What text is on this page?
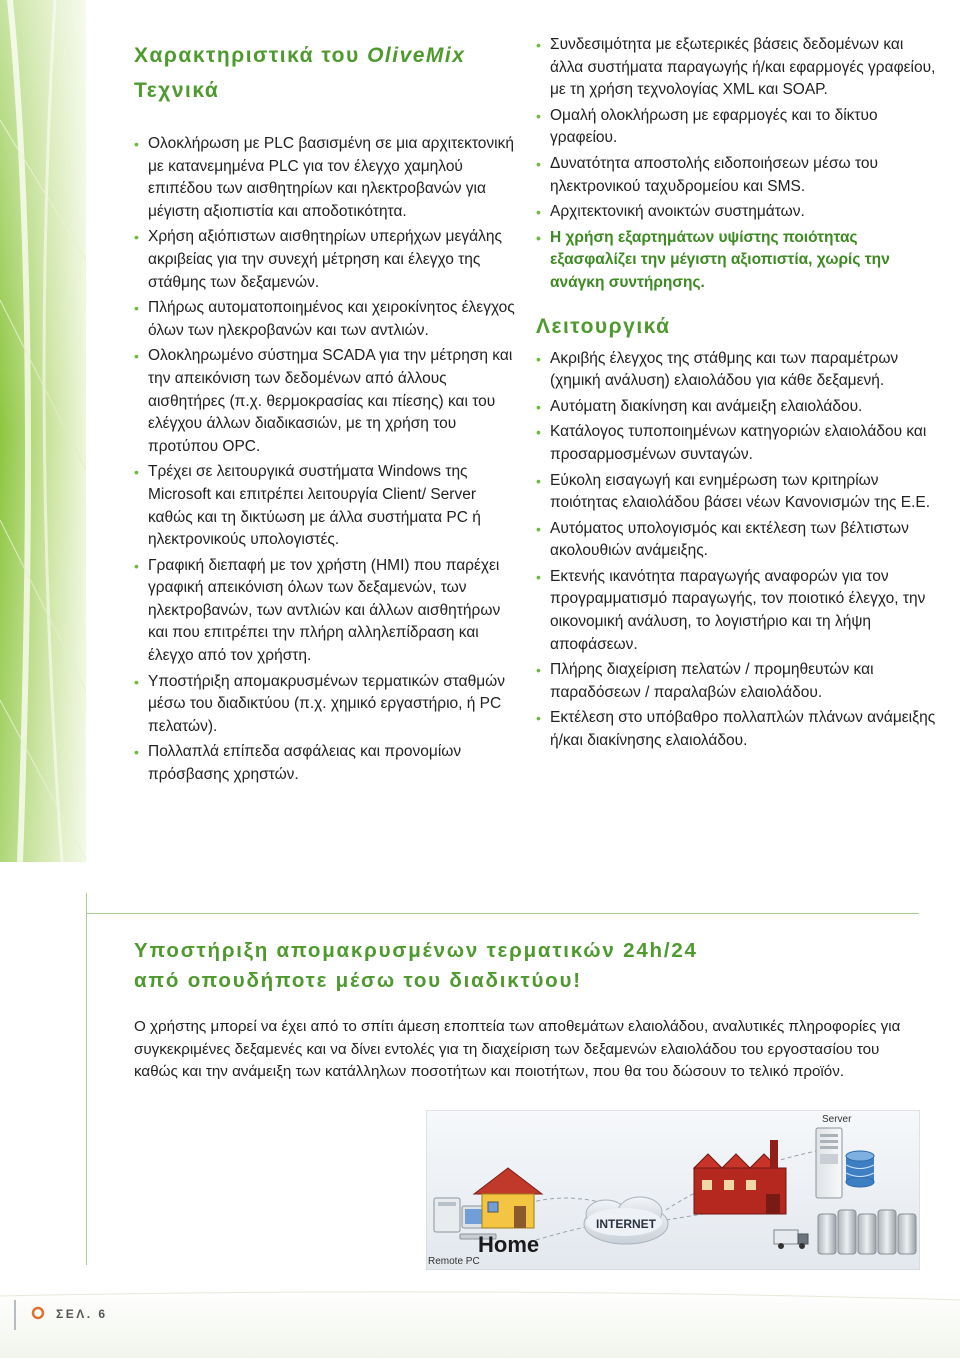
Χαρακτηριστικά του OliveMix
Τεχνικά
• Ολοκλήρωση με PLC βασισμένη σε μια αρχιτεκτονική με κατανεμημένα PLC για τον έλεγχο χαμηλού επιπέδου των αισθητηρίων και ηλεκτροβανών για μέγιστη αξιοπιστία και αποδοτικότητα.
• Χρήση αξιόπιστων αισθητηρίων υπερήχων μεγάλης ακριβείας για την συνεχή μέτρηση και έλεγχο της στάθμης των δεξαμενών.
• Πλήρως αυτοματοποιημένος και χειροκίνητος έλεγχος όλων των ηλεκροβανών και των αντλιών.
• Ολοκληρωμένο σύστημα SCADA για την μέτρηση και την απεικόνιση των δεδομένων από άλλους αισθητήρες (π.χ. θερμοκρασίας και πίεσης) και του ελέγχου άλλων διαδικασιών, με τη χρήση του προτύπου OPC.
• Τρέχει σε λειτουργικά συστήματα Windows της Microsoft και επιτρέπει λειτουργία Client/ Server καθώς και τη δικτύωση με άλλα συστήματα PC ή ηλεκτρονικούς υπολογιστές.
• Γραφική διεπαφή με τον χρήστη (HMI) που παρέχει γραφική απεικόνιση όλων των δεξαμενών, των ηλεκτροβανών, των αντλιών και άλλων αισθητήρων και που επιτρέπει την πλήρη αλληλεπίδραση και έλεγχο από τον χρήστη.
• Υποστήριξη απομακρυσμένων τερματικών σταθμών μέσω του διαδικτύου (π.χ. χημικό εργαστήριο, ή PC πελατών).
• Πολλαπλά επίπεδα ασφάλειας και προνομίων πρόσβασης χρηστών.
• Συνδεσιμότητα με εξωτερικές βάσεις δεδομένων και άλλα συστήματα παραγωγής ή/και εφαρμογές γραφείου, με τη χρήση τεχνολογίας XML και SOAP.
• Ομαλή ολοκλήρωση με εφαρμογές και το δίκτυο γραφείου.
• Δυνατότητα αποστολής ειδοποιήσεων μέσω του ηλεκτρονικού ταχυδρομείου και SMS.
• Αρχιτεκτονική ανοικτών συστημάτων.
• Η χρήση εξαρτημάτων υψίστης ποιότητας εξασφαλίζει την μέγιστη αξιοπιστία, χωρίς την ανάγκη συντήρησης.
Λειτουργικά
• Ακριβής έλεγχος της στάθμης και των παραμέτρων (χημική ανάλυση) ελαιολάδου για κάθε δεξαμενή.
• Αυτόματη διακίνηση και ανάμειξη ελαιολάδου.
• Κατάλογος τυποποιημένων κατηγοριών ελαιολάδου και προσαρμοσμένων συνταγών.
• Εύκολη εισαγωγή και ενημέρωση των κριτηρίων ποιότητας ελαιολάδου βάσει νέων Κανονισμών της Ε.Ε.
• Αυτόματος υπολογισμός και εκτέλεση των βέλτιστων ακολουθιών ανάμειξης.
• Εκτενής ικανότητα παραγωγής αναφορών για τον προγραμματισμό παραγωγής, τον ποιοτικό έλεγχο, την οικονομική ανάλυση, το λογιστήριο και τη λήψη αποφάσεων.
• Πλήρης διαχείριση πελατών / προμηθευτών και παραδόσεων / παραλαβών ελαιολάδου.
• Εκτέλεση στο υπόβαθρο πολλαπλών πλάνων ανάμειξης ή/και διακίνησης ελαιολάδου.
Υποστήριξη απομακρυσμένων τερματικών 24h/24
από οπουδήποτε μέσω του διαδικτύου!

Ο χρήστης μπορεί να έχει από το σπίτι άμεση εποπτεία των αποθεμάτων ελαιολάδου, αναλυτικές πληροφορίες για συγκεκριμένες δεξαμενές και να δίνει εντολές για τη διαχείριση των δεξαμενών ελαιολάδου του εργοστασίου του καθώς και την ανάμειξη των κατάλληλων ποσοτήτων και ποιοτήτων, που θα του δώσουν το τελικό προϊόν.

Remote PC
Home
INTERNET
Server
ΣΕΛ. 6
